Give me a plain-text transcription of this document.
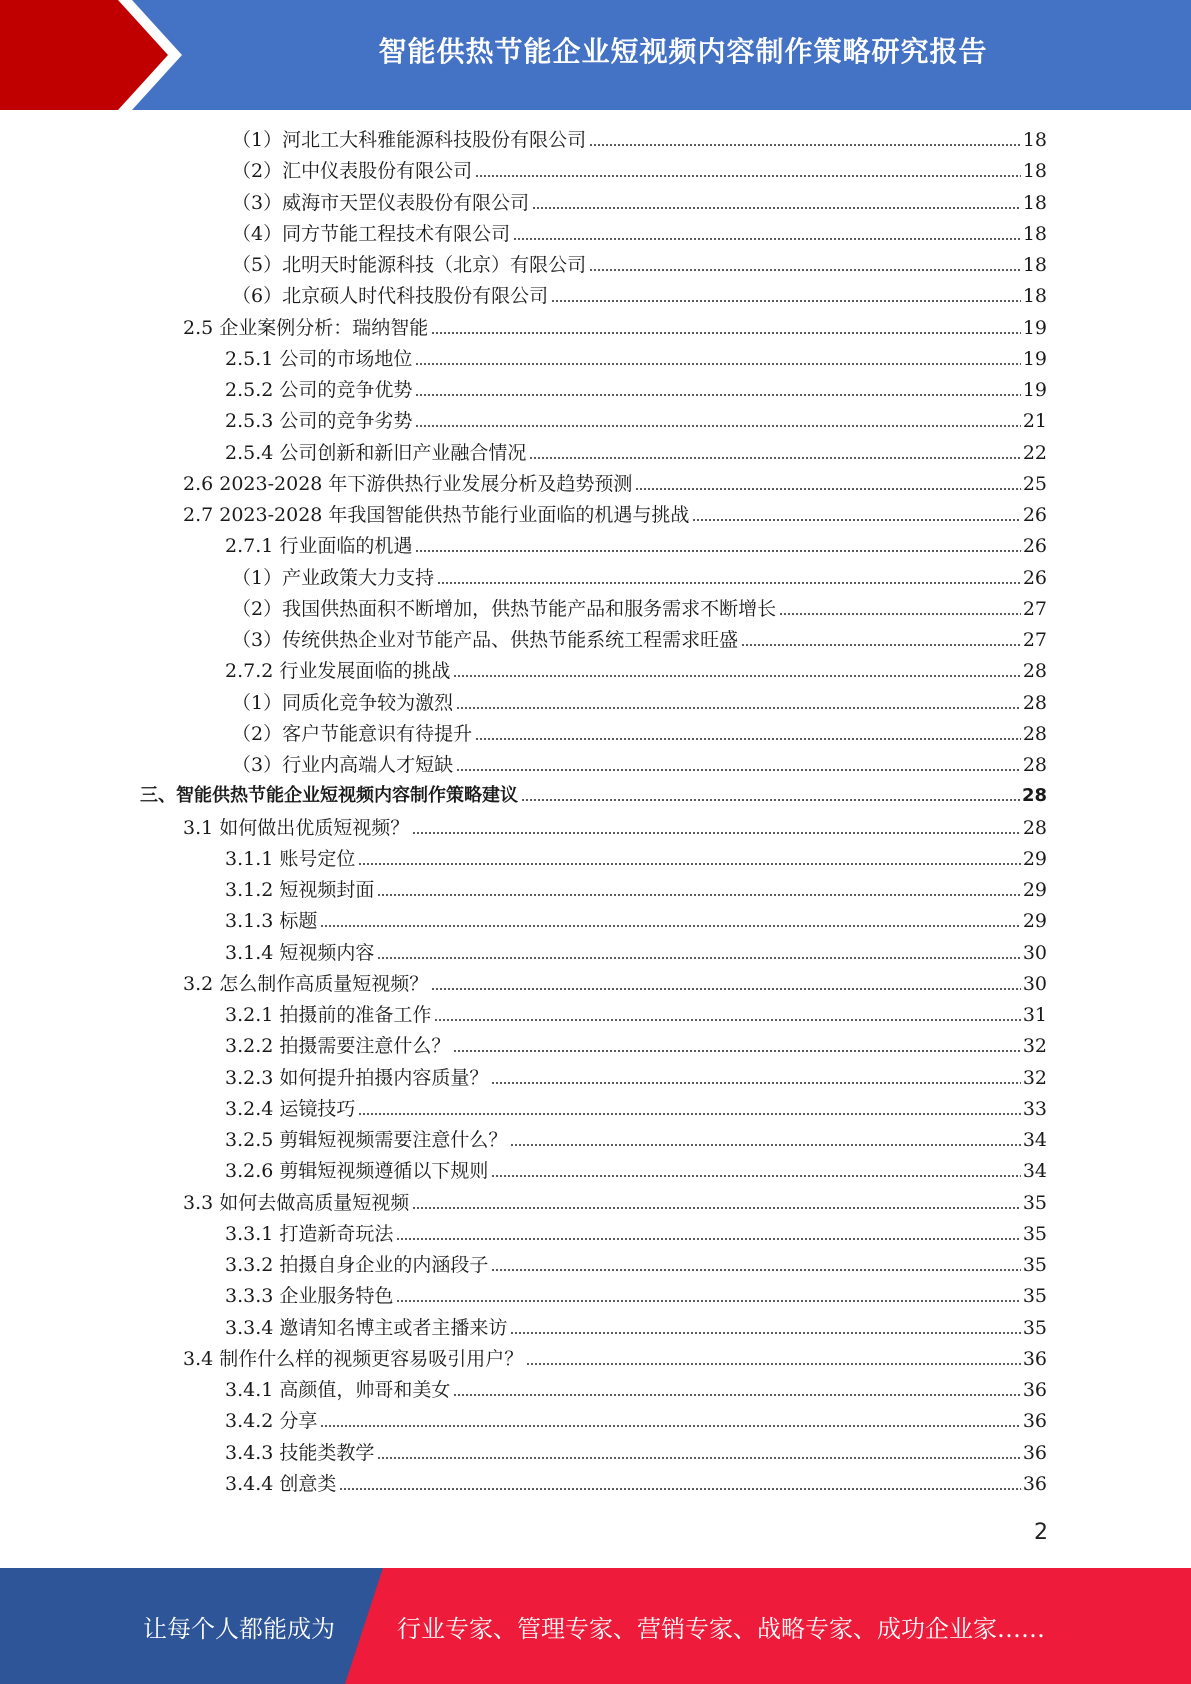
智能供热节能企业短视频内容制作策略研究报告
（1）河北工大科雅能源科技股份有限公司	18
（2）汇中仪表股份有限公司	18
（3）威海市天罡仪表股份有限公司	18
（4）同方节能工程技术有限公司	18
（5）北明天时能源科技（北京）有限公司	18
（6）北京硕人时代科技股份有限公司	18
2.5 企业案例分析：瑞纳智能	19
2.5.1 公司的市场地位	19
2.5.2 公司的竞争优势	19
2.5.3 公司的竞争劣势	21
2.5.4 公司创新和新旧产业融合情况	22
2.6 2023-2028 年下游供热行业发展分析及趋势预测	25
2.7 2023-2028 年我国智能供热节能行业面临的机遇与挑战	26
2.7.1 行业面临的机遇	26
（1）产业政策大力支持	26
（2）我国供热面积不断增加，供热节能产品和服务需求不断增长	27
（3）传统供热企业对节能产品、供热节能系统工程需求旺盛	27
2.7.2 行业发展面临的挑战	28
（1）同质化竞争较为激烈	28
（2）客户节能意识有待提升	28
（3）行业内高端人才短缺	28
三、智能供热节能企业短视频内容制作策略建议	28
3.1 如何做出优质短视频？	28
3.1.1 账号定位	29
3.1.2 短视频封面	29
3.1.3 标题	29
3.1.4 短视频内容	30
3.2 怎么制作高质量短视频？	30
3.2.1 拍摄前的准备工作	31
3.2.2 拍摄需要注意什么？	32
3.2.3 如何提升拍摄内容质量？	32
3.2.4 运镜技巧	33
3.2.5 剪辑短视频需要注意什么？	34
3.2.6 剪辑短视频遵循以下规则	34
3.3 如何去做高质量短视频	35
3.3.1 打造新奇玩法	35
3.3.2 拍摄自身企业的内涵段子	35
3.3.3 企业服务特色	35
3.3.4 邀请知名博主或者主播来访	35
3.4 制作什么样的视频更容易吸引用户？	36
3.4.1 高颜值，帅哥和美女	36
3.4.2 分享	36
3.4.3 技能类教学	36
3.4.4 创意类	36
2
让每个人都能成为	行业专家、管理专家、营销专家、战略专家、成功企业家……
